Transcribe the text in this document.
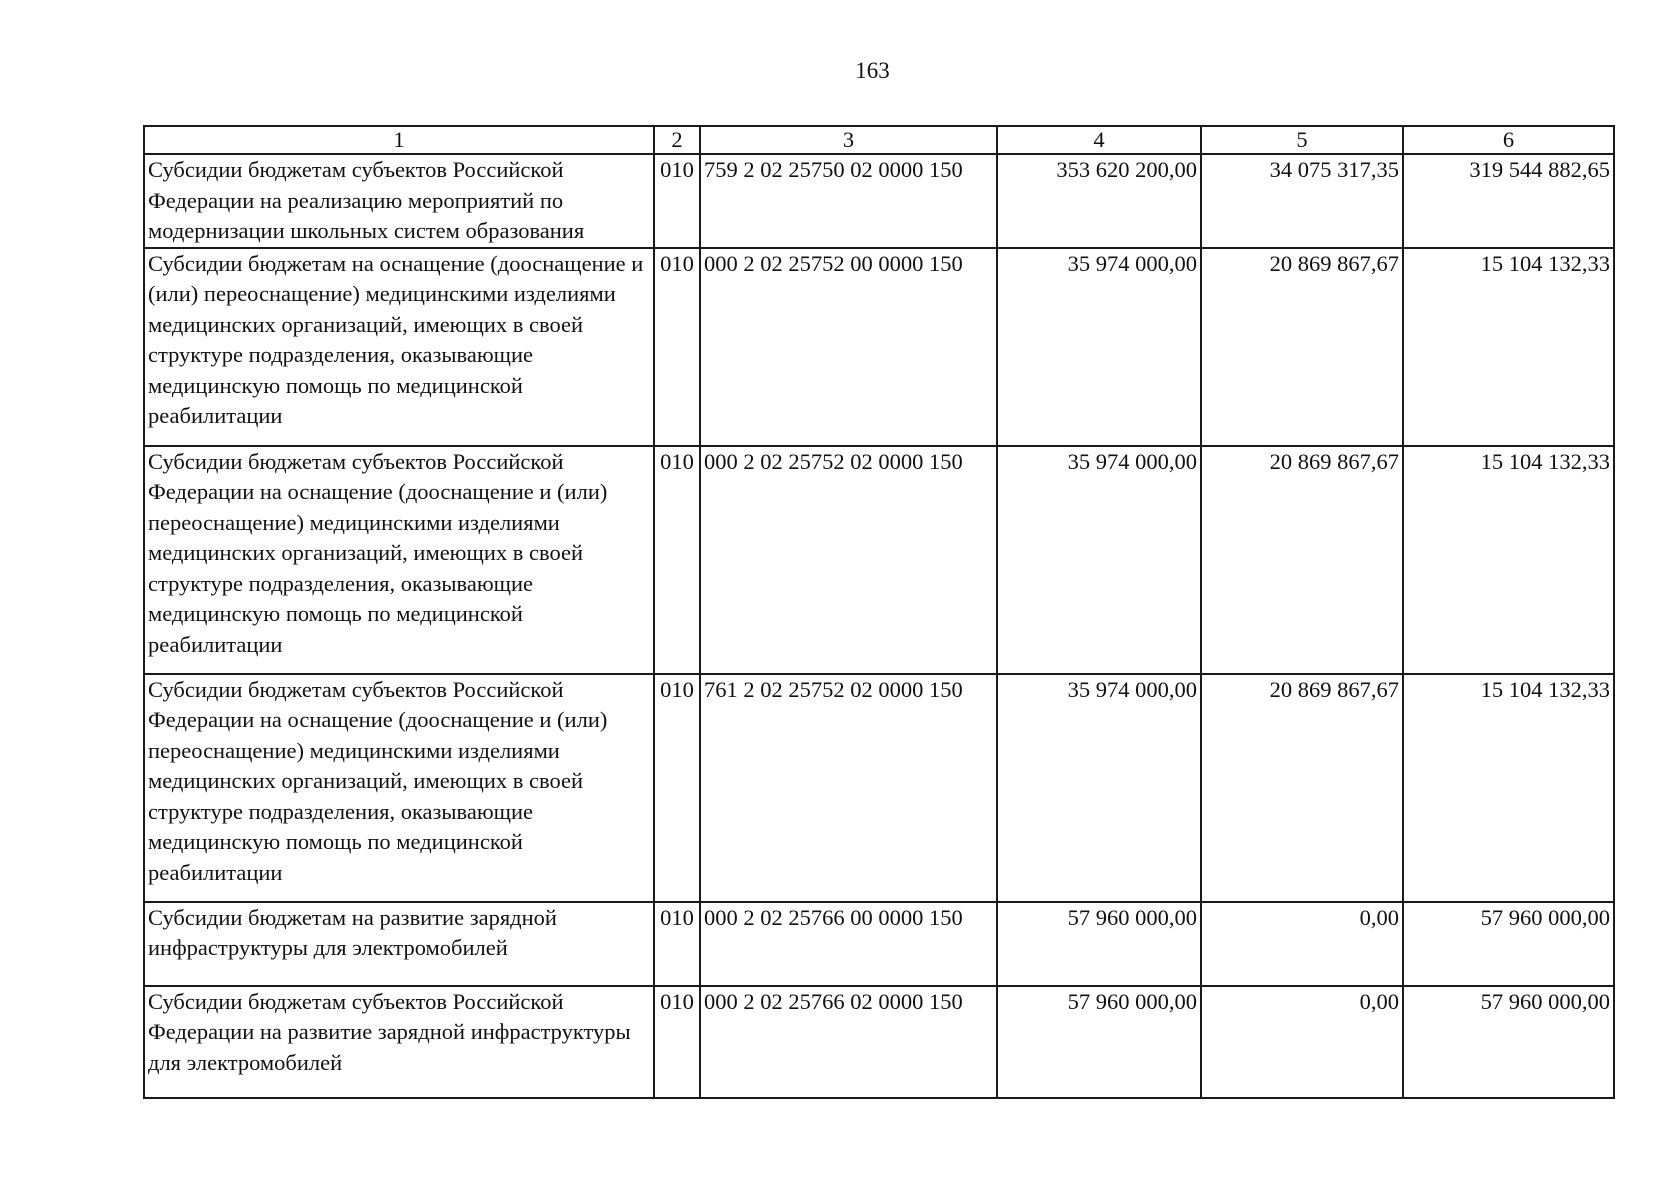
163
1	2	3	4	5	6
Субсидии бюджетам субъектов Российской Федерации на реализацию мероприятий по модернизации школьных систем образования	010	759 2 02 25750 02 0000 150	353 620 200,00	34 075 317,35	319 544 882,65
Субсидии бюджетам на оснащение (дооснащение и (или) переоснащение) медицинскими изделиями медицинских организаций, имеющих в своей структуре подразделения, оказывающие медицинскую помощь по медицинской реабилитации	010	000 2 02 25752 00 0000 150	35 974 000,00	20 869 867,67	15 104 132,33
Субсидии бюджетам субъектов Российской Федерации на оснащение (дооснащение и (или) переоснащение) медицинскими изделиями медицинских организаций, имеющих в своей структуре подразделения, оказывающие медицинскую помощь по медицинской реабилитации	010	000 2 02 25752 02 0000 150	35 974 000,00	20 869 867,67	15 104 132,33
Субсидии бюджетам субъектов Российской Федерации на оснащение (дооснащение и (или) переоснащение) медицинскими изделиями медицинских организаций, имеющих в своей структуре подразделения, оказывающие медицинскую помощь по медицинской реабилитации	010	761 2 02 25752 02 0000 150	35 974 000,00	20 869 867,67	15 104 132,33
Субсидии бюджетам на развитие зарядной инфраструктуры для электромобилей	010	000 2 02 25766 00 0000 150	57 960 000,00	0,00	57 960 000,00
Субсидии бюджетам субъектов Российской Федерации на развитие зарядной инфраструктуры для электромобилей	010	000 2 02 25766 02 0000 150	57 960 000,00	0,00	57 960 000,00
